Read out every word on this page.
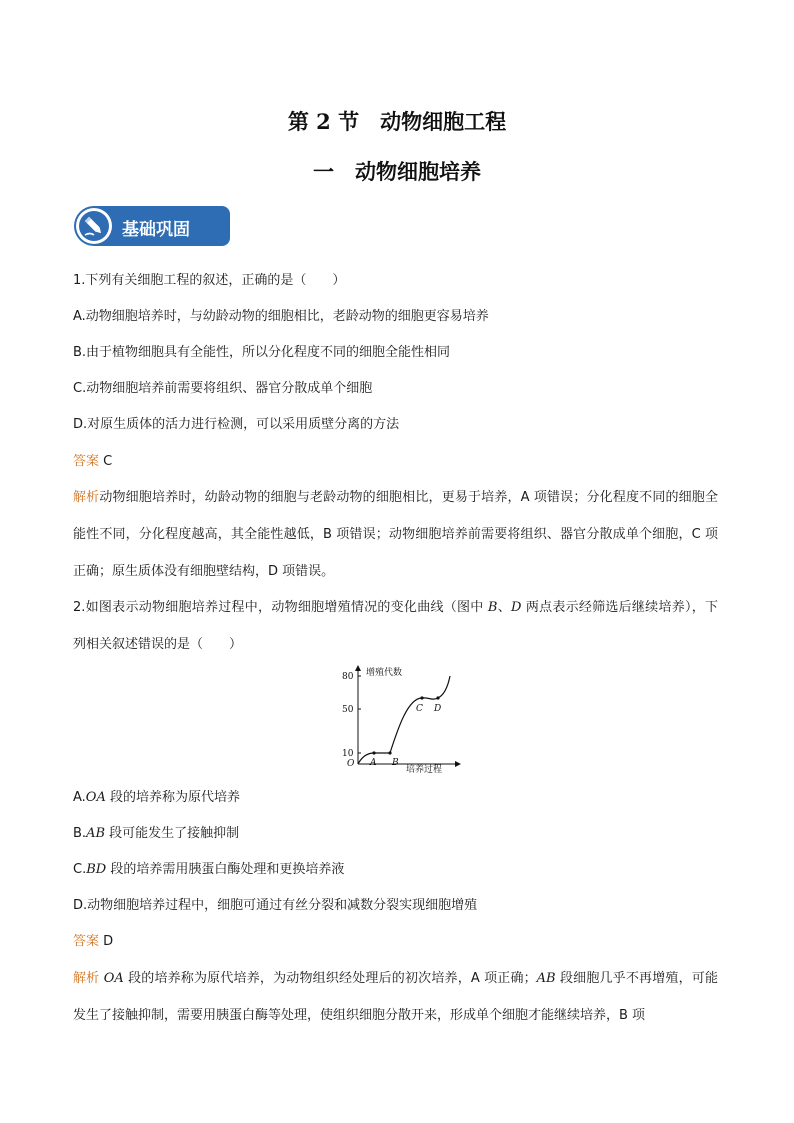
第 2 节　动物细胞工程
一　动物细胞培养
基础巩固
1.下列有关细胞工程的叙述，正确的是（　　）
A.动物细胞培养时，与幼龄动物的细胞相比，老龄动物的细胞更容易培养
B.由于植物细胞具有全能性，所以分化程度不同的细胞全能性相同
C.动物细胞培养前需要将组织、器官分散成单个细胞
D.对原生质体的活力进行检测，可以采用质壁分离的方法
答案 C
解析动物细胞培养时，幼龄动物的细胞与老龄动物的细胞相比，更易于培养，A 项错误；分化程度不同的细胞全能性不同，分化程度越高，其全能性越低，B 项错误；动物细胞培养前需要将组织、器官分散成单个细胞，C 项正确；原生质体没有细胞壁结构，D 项错误。
2.如图表示动物细胞培养过程中，动物细胞增殖情况的变化曲线（图中 B、D 两点表示经筛选后继续培养），下列相关叙述错误的是（　　）
增殖代数
培养过程
O
10
50
80
A B
C D
A.OA 段的培养称为原代培养
B.AB 段可能发生了接触抑制
C.BD 段的培养需用胰蛋白酶处理和更换培养液
D.动物细胞培养过程中，细胞可通过有丝分裂和减数分裂实现细胞增殖
答案 D
解析 OA 段的培养称为原代培养，为动物组织经处理后的初次培养，A 项正确；AB 段细胞几乎不再增殖，可能发生了接触抑制，需要用胰蛋白酶等处理，使组织细胞分散开来，形成单个细胞才能继续培养，B 项
